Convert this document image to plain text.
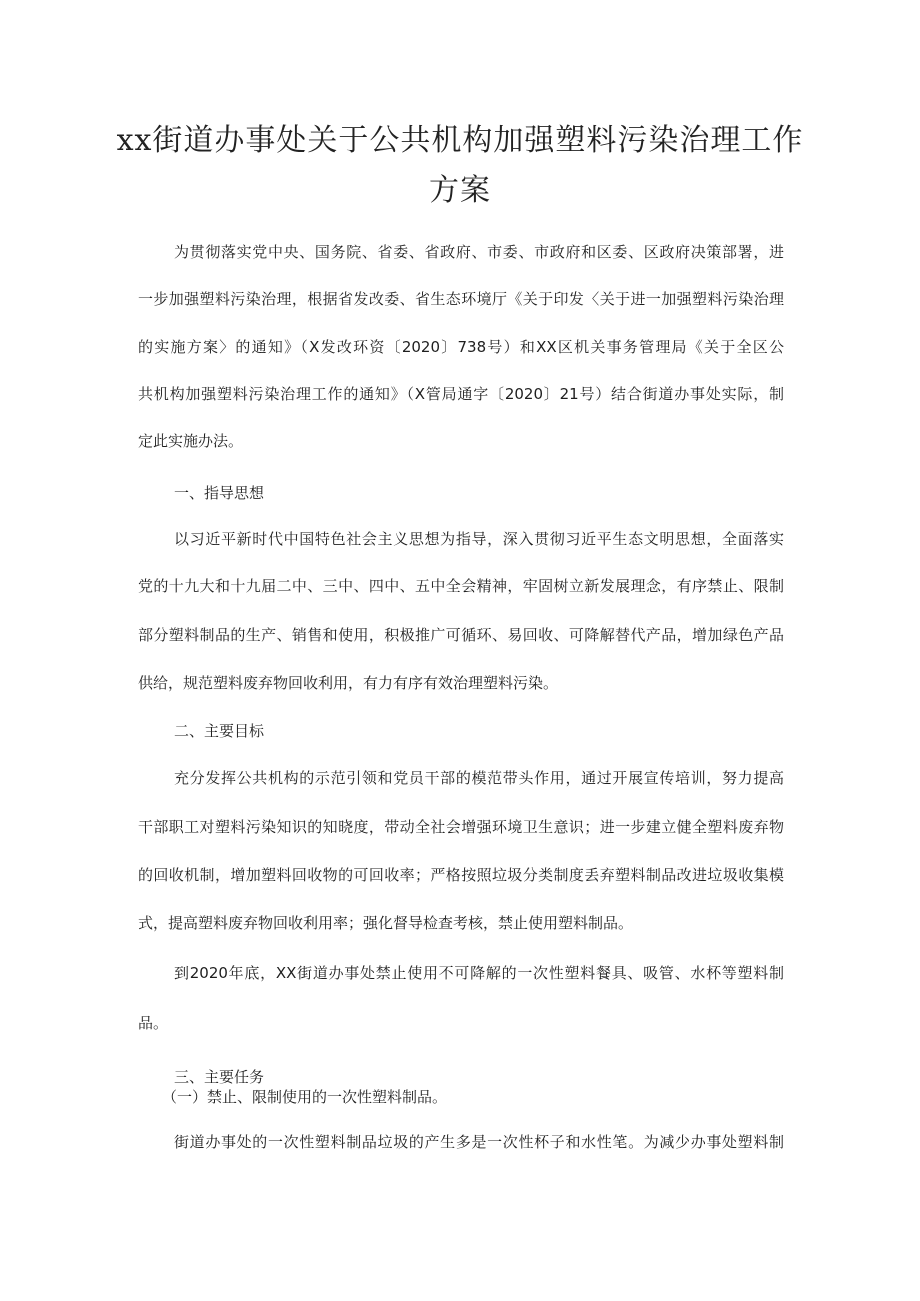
xx街道办事处关于公共机构加强塑料污染治理工作
方案
为贯彻落实党中央、国务院、省委、省政府、市委、市政府和区委、区政府决策部署，进
一步加强塑料污染治理，根据省发改委、省生态环境厅《关于印发〈关于进一加强塑料污染治理
的实施方案〉的通知》（X发改环资〔2020〕738号）和XX区机关事务管理局《关于全区公
共机构加强塑料污染治理工作的通知》（X管局通字〔2020〕21号）结合街道办事处实际，制
定此实施办法。
一、指导思想
以习近平新时代中国特色社会主义思想为指导，深入贯彻习近平生态文明思想，全面落实
党的十九大和十九届二中、三中、四中、五中全会精神，牢固树立新发展理念，有序禁止、限制
部分塑料制品的生产、销售和使用，积极推广可循环、易回收、可降解替代产品，增加绿色产品
供给，规范塑料废弃物回收利用，有力有序有效治理塑料污染。
二、主要目标
充分发挥公共机构的示范引领和党员干部的模范带头作用，通过开展宣传培训，努力提高
干部职工对塑料污染知识的知晓度，带动全社会增强环境卫生意识；进一步建立健全塑料废弃物
的回收机制，增加塑料回收物的可回收率；严格按照垃圾分类制度丢弃塑料制品改进垃圾收集模
式，提高塑料废弃物回收利用率；强化督导检查考核，禁止使用塑料制品。
到2020年底，XX街道办事处禁止使用不可降解的一次性塑料餐具、吸管、水杯等塑料制
品。
三、主要任务
（一）禁止、限制使用的一次性塑料制品。
街道办事处的一次性塑料制品垃圾的产生多是一次性杯子和水性笔。为减少办事处塑料制
